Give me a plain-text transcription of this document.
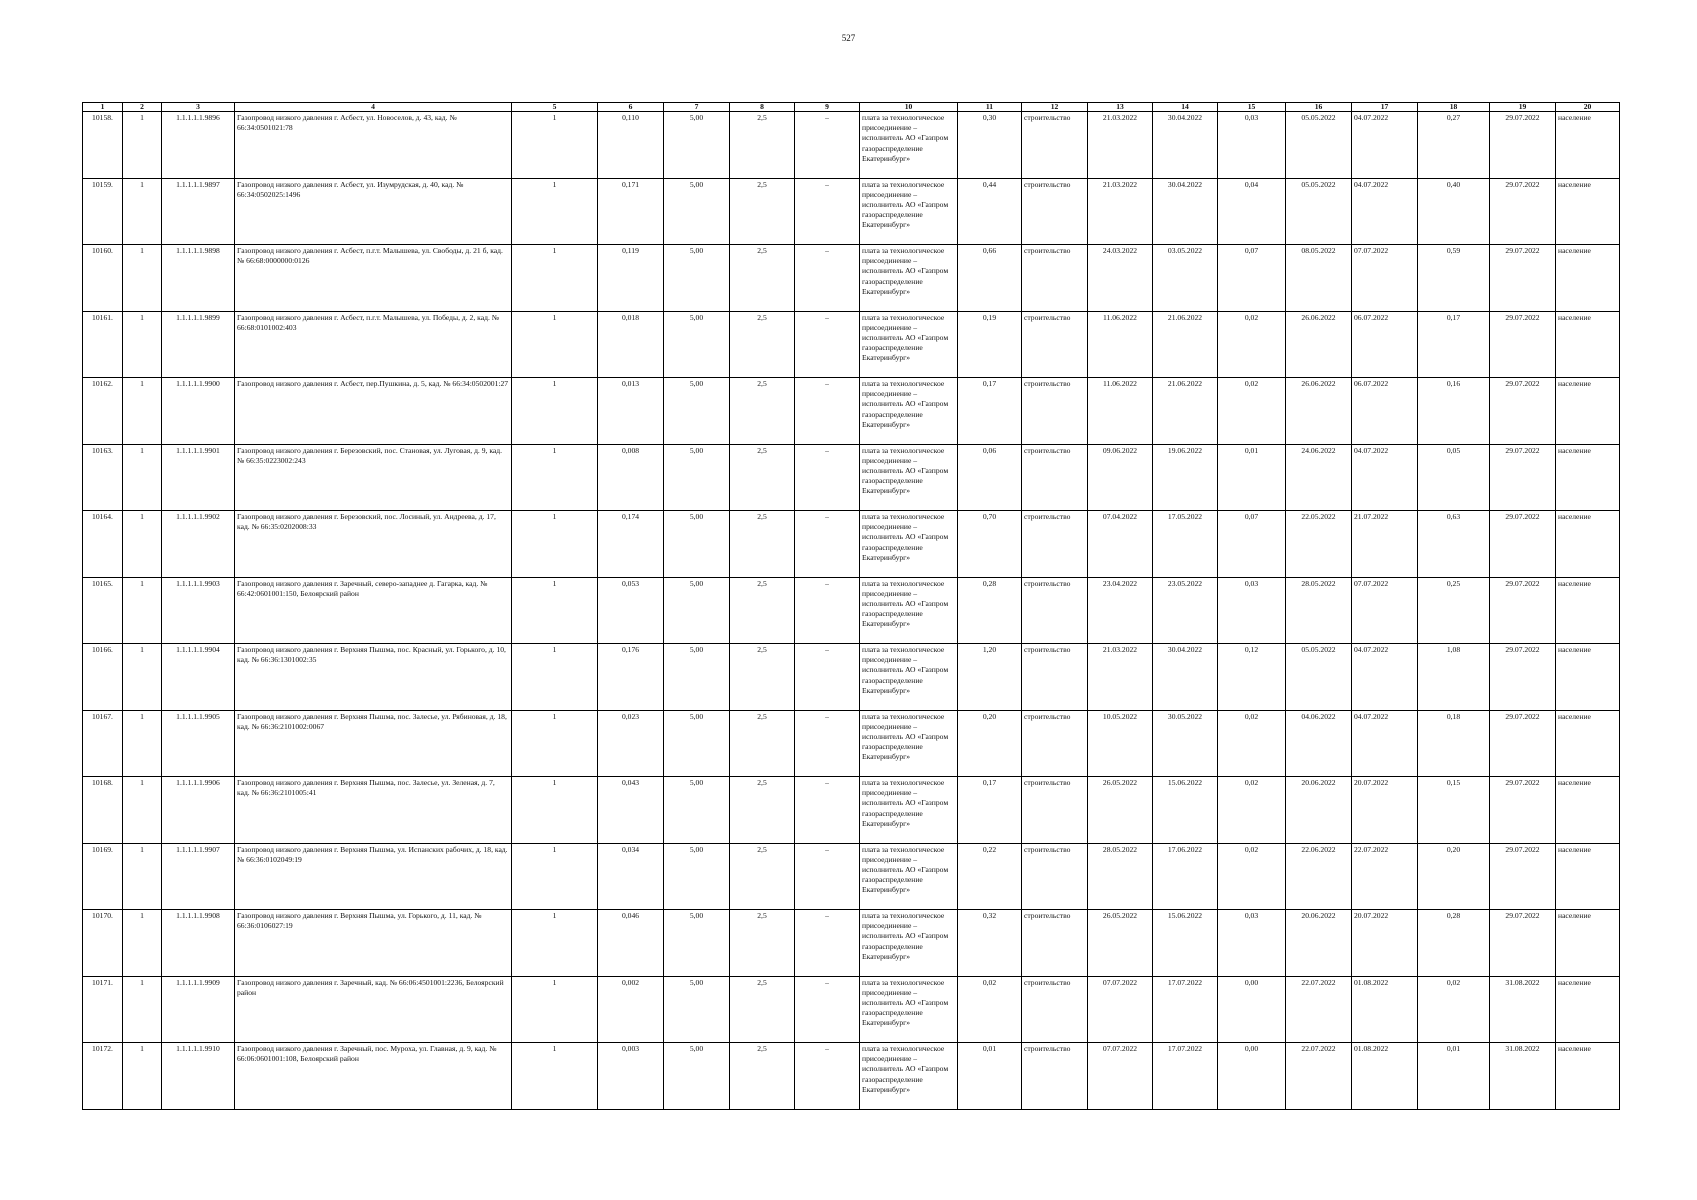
527
1	2	3	4	5	6	7	8	9	10	11	12	13	14	15	16	17	18	19	20
10158.	1	1.1.1.1.1.9896	Газопровод низкого давления г. Асбест, ул. Новоселов, д. 43, кад. № 66:34:0501021:78	1	0,110	5,00	2,5	–	плата за технологическое присоединение – исполнитель АО «Газпром газораспределение Екатеринбург»	0,30	строительство	21.03.2022	30.04.2022	0,03	05.05.2022	04.07.2022	0,27	29.07.2022	население
10159.	1	1.1.1.1.1.9897	Газопровод низкого давления г. Асбест, ул. Изумрудская, д. 40, кад. № 66:34:0502025:1496	1	0,171	5,00	2,5	–	плата за технологическое присоединение – исполнитель АО «Газпром газораспределение Екатеринбург»	0,44	строительство	21.03.2022	30.04.2022	0,04	05.05.2022	04.07.2022	0,40	29.07.2022	население
10160.	1	1.1.1.1.1.9898	Газопровод низкого давления г. Асбест, п.г.т. Малышева, ул. Свободы, д. 21 б, кад. № 66:68:0000000:0126	1	0,119	5,00	2,5	–	плата за технологическое присоединение – исполнитель АО «Газпром газораспределение Екатеринбург»	0,66	строительство	24.03.2022	03.05.2022	0,07	08.05.2022	07.07.2022	0,59	29.07.2022	население
10161.	1	1.1.1.1.1.9899	Газопровод низкого давления г. Асбест, п.г.т. Малышева, ул. Победы, д. 2, кад. № 66:68:0101002:403	1	0,018	5,00	2,5	–	плата за технологическое присоединение – исполнитель АО «Газпром газораспределение Екатеринбург»	0,19	строительство	11.06.2022	21.06.2022	0,02	26.06.2022	06.07.2022	0,17	29.07.2022	население
10162.	1	1.1.1.1.1.9900	Газопровод низкого давления г. Асбест, пер.Пушкина, д. 5, кад. № 66:34:0502001:27	1	0,013	5,00	2,5	–	плата за технологическое присоединение – исполнитель АО «Газпром газораспределение Екатеринбург»	0,17	строительство	11.06.2022	21.06.2022	0,02	26.06.2022	06.07.2022	0,16	29.07.2022	население
10163.	1	1.1.1.1.1.9901	Газопровод низкого давления г. Березовский, пос. Становая, ул. Луговая, д. 9, кад. № 66:35:0223002:243	1	0,008	5,00	2,5	–	плата за технологическое присоединение – исполнитель АО «Газпром газораспределение Екатеринбург»	0,06	строительство	09.06.2022	19.06.2022	0,01	24.06.2022	04.07.2022	0,05	29.07.2022	население
10164.	1	1.1.1.1.1.9902	Газопровод низкого давления г. Березовский, пос. Лосиный, ул. Андреева, д. 17, кад. № 66:35:0202008:33	1	0,174	5,00	2,5	–	плата за технологическое присоединение – исполнитель АО «Газпром газораспределение Екатеринбург»	0,70	строительство	07.04.2022	17.05.2022	0,07	22.05.2022	21.07.2022	0,63	29.07.2022	население
10165.	1	1.1.1.1.1.9903	Газопровод низкого давления г. Заречный, северо-западнее д. Гагарка, кад. № 66:42:0601001:150, Белоярский район	1	0,053	5,00	2,5	–	плата за технологическое присоединение – исполнитель АО «Газпром газораспределение Екатеринбург»	0,28	строительство	23.04.2022	23.05.2022	0,03	28.05.2022	07.07.2022	0,25	29.07.2022	население
10166.	1	1.1.1.1.1.9904	Газопровод низкого давления г. Верхняя Пышма, пос. Красный, ул. Горького, д. 10, кад. № 66:36:1301002:35	1	0,176	5,00	2,5	–	плата за технологическое присоединение – исполнитель АО «Газпром газораспределение Екатеринбург»	1,20	строительство	21.03.2022	30.04.2022	0,12	05.05.2022	04.07.2022	1,08	29.07.2022	население
10167.	1	1.1.1.1.1.9905	Газопровод низкого давления г. Верхняя Пышма, пос. Залесье, ул. Рябиновая, д. 18, кад. № 66:36:2101002:0067	1	0,023	5,00	2,5	–	плата за технологическое присоединение – исполнитель АО «Газпром газораспределение Екатеринбург»	0,20	строительство	10.05.2022	30.05.2022	0,02	04.06.2022	04.07.2022	0,18	29.07.2022	население
10168.	1	1.1.1.1.1.9906	Газопровод низкого давления г. Верхняя Пышма, пос. Залесье, ул. Зеленая, д. 7, кад. № 66:36:2101005:41	1	0,043	5,00	2,5	–	плата за технологическое присоединение – исполнитель АО «Газпром газораспределение Екатеринбург»	0,17	строительство	26.05.2022	15.06.2022	0,02	20.06.2022	20.07.2022	0,15	29.07.2022	население
10169.	1	1.1.1.1.1.9907	Газопровод низкого давления г. Верхняя Пышма, ул. Испанских рабочих, д. 18, кад. № 66:36:0102049:19	1	0,034	5,00	2,5	–	плата за технологическое присоединение – исполнитель АО «Газпром газораспределение Екатеринбург»	0,22	строительство	28.05.2022	17.06.2022	0,02	22.06.2022	22.07.2022	0,20	29.07.2022	население
10170.	1	1.1.1.1.1.9908	Газопровод низкого давления г. Верхняя Пышма, ул. Горького, д. 11, кад. № 66:36:0106027:19	1	0,046	5,00	2,5	–	плата за технологическое присоединение – исполнитель АО «Газпром газораспределение Екатеринбург»	0,32	строительство	26.05.2022	15.06.2022	0,03	20.06.2022	20.07.2022	0,28	29.07.2022	население
10171.	1	1.1.1.1.1.9909	Газопровод низкого давления г. Заречный, кад. № 66:06:4501001:2236, Белоярский район	1	0,002	5,00	2,5	–	плата за технологическое присоединение – исполнитель АО «Газпром газораспределение Екатеринбург»	0,02	строительство	07.07.2022	17.07.2022	0,00	22.07.2022	01.08.2022	0,02	31.08.2022	население
10172.	1	1.1.1.1.1.9910	Газопровод низкого давления г. Заречный, пос. Муроха, ул. Главная, д. 9, кад. № 66:06:0601001:108, Белоярский район	1	0,003	5,00	2,5	–	плата за технологическое присоединение – исполнитель АО «Газпром газораспределение Екатеринбург»	0,01	строительство	07.07.2022	17.07.2022	0,00	22.07.2022	01.08.2022	0,01	31.08.2022	население
